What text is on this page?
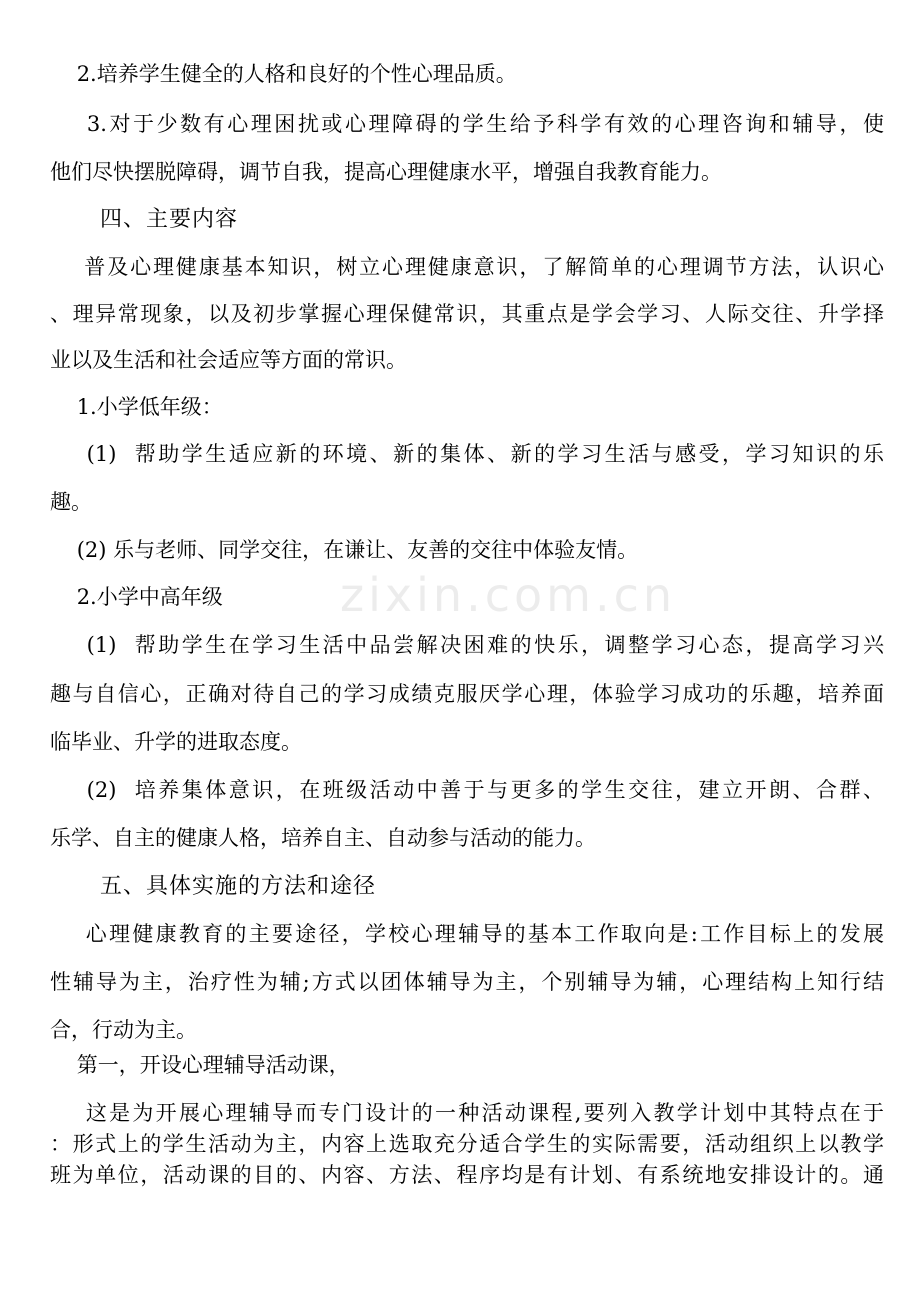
zixin.com.cn
2.培养学生健全的人格和良好的个性心理品质。
3.对于少数有心理困扰或心理障碍的学生给予科学有效的心理咨询和辅导，使
他们尽快摆脱障碍，调节自我，提高心理健康水平，增强自我教育能力。
四、主要内容
普及心理健康基本知识，树立心理健康意识，了解简单的心理调节方法，认识心
、理异常现象，以及初步掌握心理保健常识，其重点是学会学习、人际交往、升学择
业以及生活和社会适应等方面的常识。
1.小学低年级：
(1)  帮助学生适应新的环境、新的集体、新的学习生活与感受，学习知识的乐
趣。
(2) 乐与老师、同学交往，在谦让、友善的交往中体验友情。
2.小学中高年级
(1)  帮助学生在学习生活中品尝解决困难的快乐，调整学习心态，提高学习兴
趣与自信心，正确对待自己的学习成绩克服厌学心理，体验学习成功的乐趣，培养面
临毕业、升学的进取态度。
(2)  培养集体意识，在班级活动中善于与更多的学生交往，建立开朗、合群、
乐学、自主的健康人格，培养自主、自动参与活动的能力。
五、具体实施的方法和途径
心理健康教育的主要途径，学校心理辅导的基本工作取向是:工作目标上的发展
性辅导为主，治疗性为辅;方式以团体辅导为主，个别辅导为辅，心理结构上知行结
合，行动为主。
第一，开设心理辅导活动课，
这是为开展心理辅导而专门设计的一种活动课程,要列入教学计划中其特点在于
：形式上的学生活动为主，内容上选取充分适合学生的实际需要，活动组织上以教学
班为单位，活动课的目的、内容、方法、程序均是有计划、有系统地安排设计的。通
